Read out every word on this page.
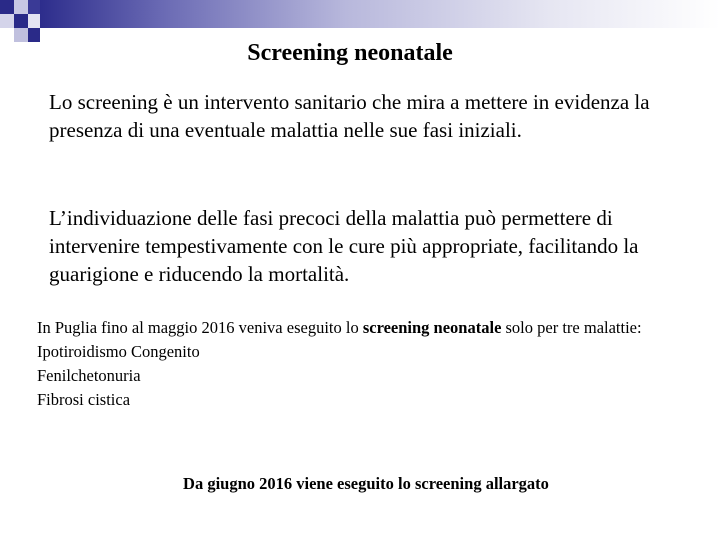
Screening neonatale
Lo screening è un intervento sanitario che mira a mettere in evidenza la presenza di una eventuale malattia nelle sue fasi iniziali.
L’individuazione delle fasi precoci della malattia può permettere di intervenire tempestivamente con le cure più appropriate, facilitando la guarigione e riducendo la mortalità.
In Puglia fino al maggio 2016 veniva eseguito lo screening neonatale solo per tre malattie:
Ipotiroidismo Congenito
Fenilchetonuria
Fibrosi cistica
Da giugno 2016 viene eseguito lo screening allargato
